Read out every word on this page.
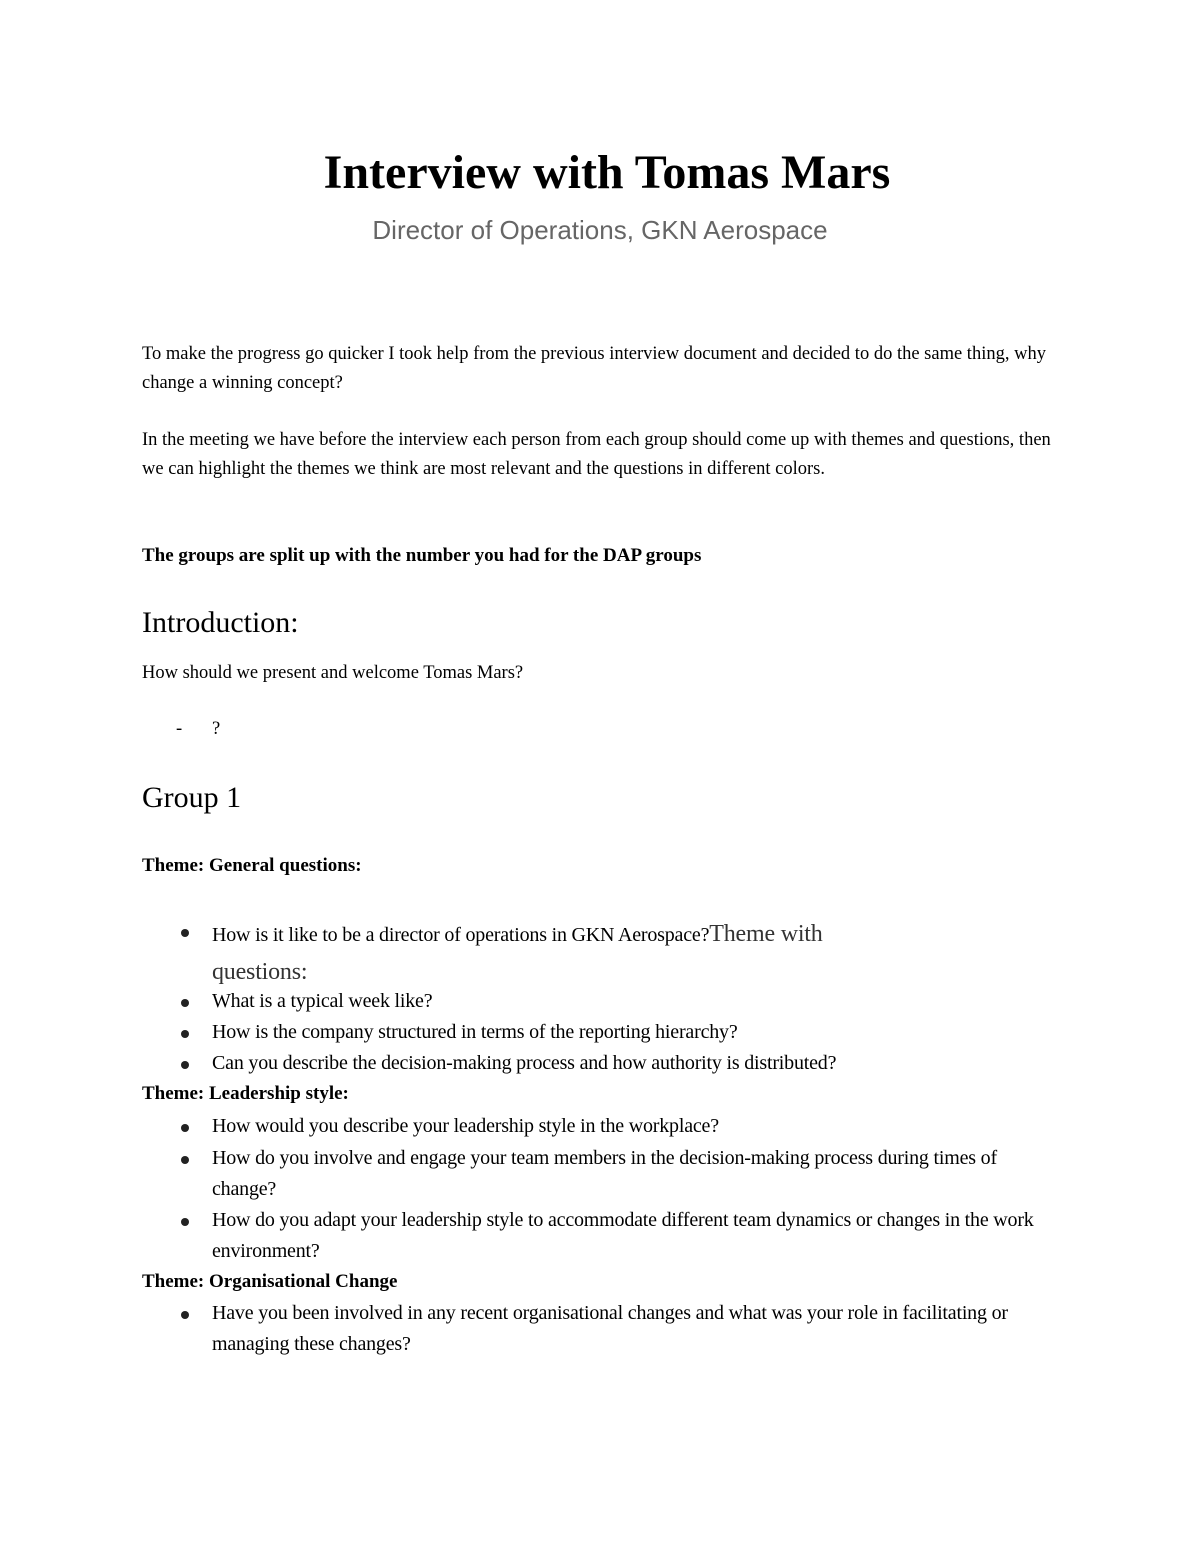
Interview with Tomas Mars
Director of Operations, GKN Aerospace
To make the progress go quicker I took help from the previous interview document and decided to do the same thing, why change a winning concept?
In the meeting we have before the interview each person from each group should come up with themes and questions, then we can highlight the themes we think are most relevant and the questions in different colors.
The groups are split up with the number you had for the DAP groups
Introduction:
How should we present and welcome Tomas Mars?
-	?
Group 1
Theme: General questions:
How is it like to be a director of operations in GKN Aerospace?Theme with
questions:
What is a typical week like?
How is the company structured in terms of the reporting hierarchy?
Can you describe the decision-making process and how authority is distributed?
Theme: Leadership style:
How would you describe your leadership style in the workplace?
How do you involve and engage your team members in the decision-making process during times of change?
How do you adapt your leadership style to accommodate different team dynamics or changes in the work environment?
Theme: Organisational Change
Have you been involved in any recent organisational changes and what was your role in facilitating or managing these changes?
